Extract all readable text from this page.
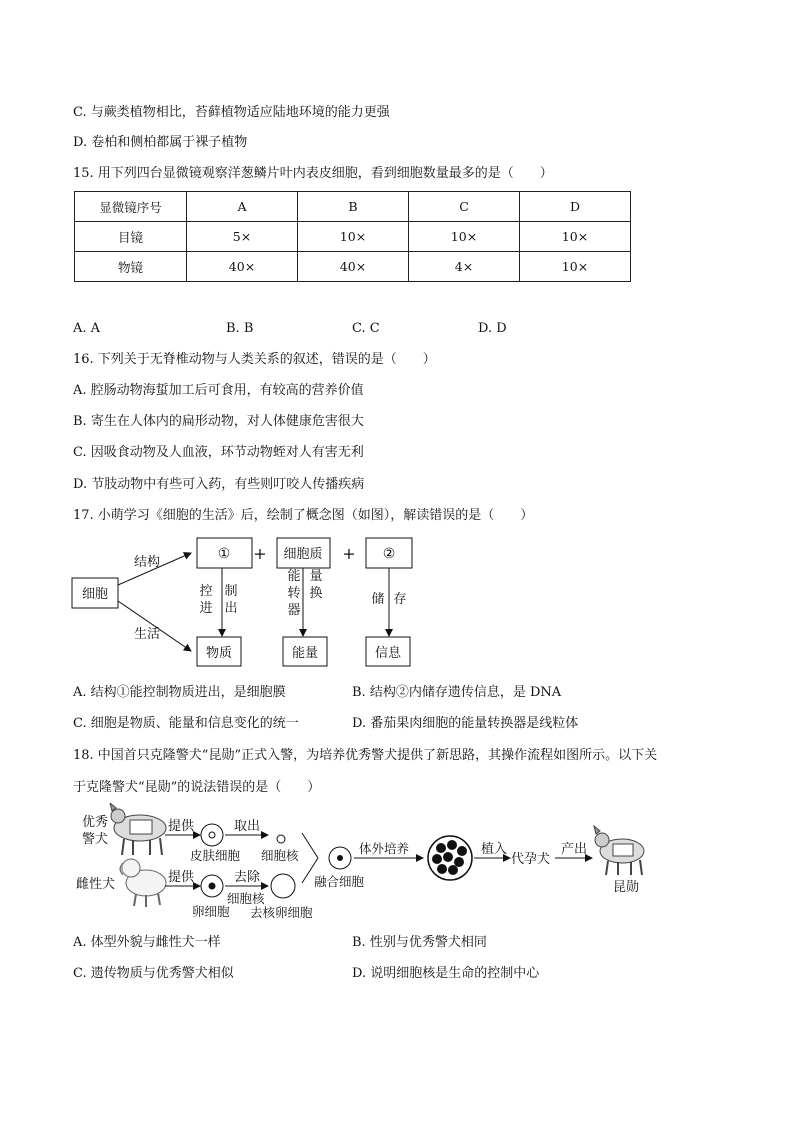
C. 与蕨类植物相比，苔藓植物适应陆地环境的能力更强
D. 卷柏和侧柏都属于裸子植物
15. 用下列四台显微镜观察洋葱鳞片叶内表皮细胞，看到细胞数量最多的是（　　）
显微镜序号	A	B	C	D
目镜	5×	10×	10×	10×
物镜	40×	40×	4×	10×
A. A	B. B	C. C	D. D
16. 下列关于无脊椎动物与人类关系的叙述，错误的是（　　）
A. 腔肠动物海蜇加工后可食用，有较高的营养价值
B. 寄生在人体内的扁形动物，对人体健康危害很大
C. 因吸食动物及人血液，环节动物蛭对人有害无利
D. 节肢动物中有些可入药，有些则叮咬人传播疾病
17. 小萌学习《细胞的生活》后，绘制了概念图（如图），解读错误的是（　　）
细胞
结构
生活
① + 细胞质 + ②
控
进
制
出
能
转
器
量
换	储 存
物质	能量	信息
A. 结构①能控制物质进出，是细胞膜	B. 结构②内储存遗传信息，是 DNA
C. 细胞是物质、能量和信息变化的统一	D. 番茄果肉细胞的能量转换器是线粒体
18. 中国首只克隆警犬“昆勋”正式入警，为培养优秀警犬提供了新思路，其操作流程如图所示。以下关
于克隆警犬“昆勋”的说法错误的是（　　）
优秀
警犬
提供
皮肤细胞
取出
细胞核
雌性犬	提供
卵细胞
去除
细胞核
去核卵细胞
融合细胞
体外培养	植入
代孕犬
产出
昆勋
A. 体型外貌与雌性犬一样	B. 性别与优秀警犬相同
C. 遗传物质与优秀警犬相似	D. 说明细胞核是生命的控制中心
